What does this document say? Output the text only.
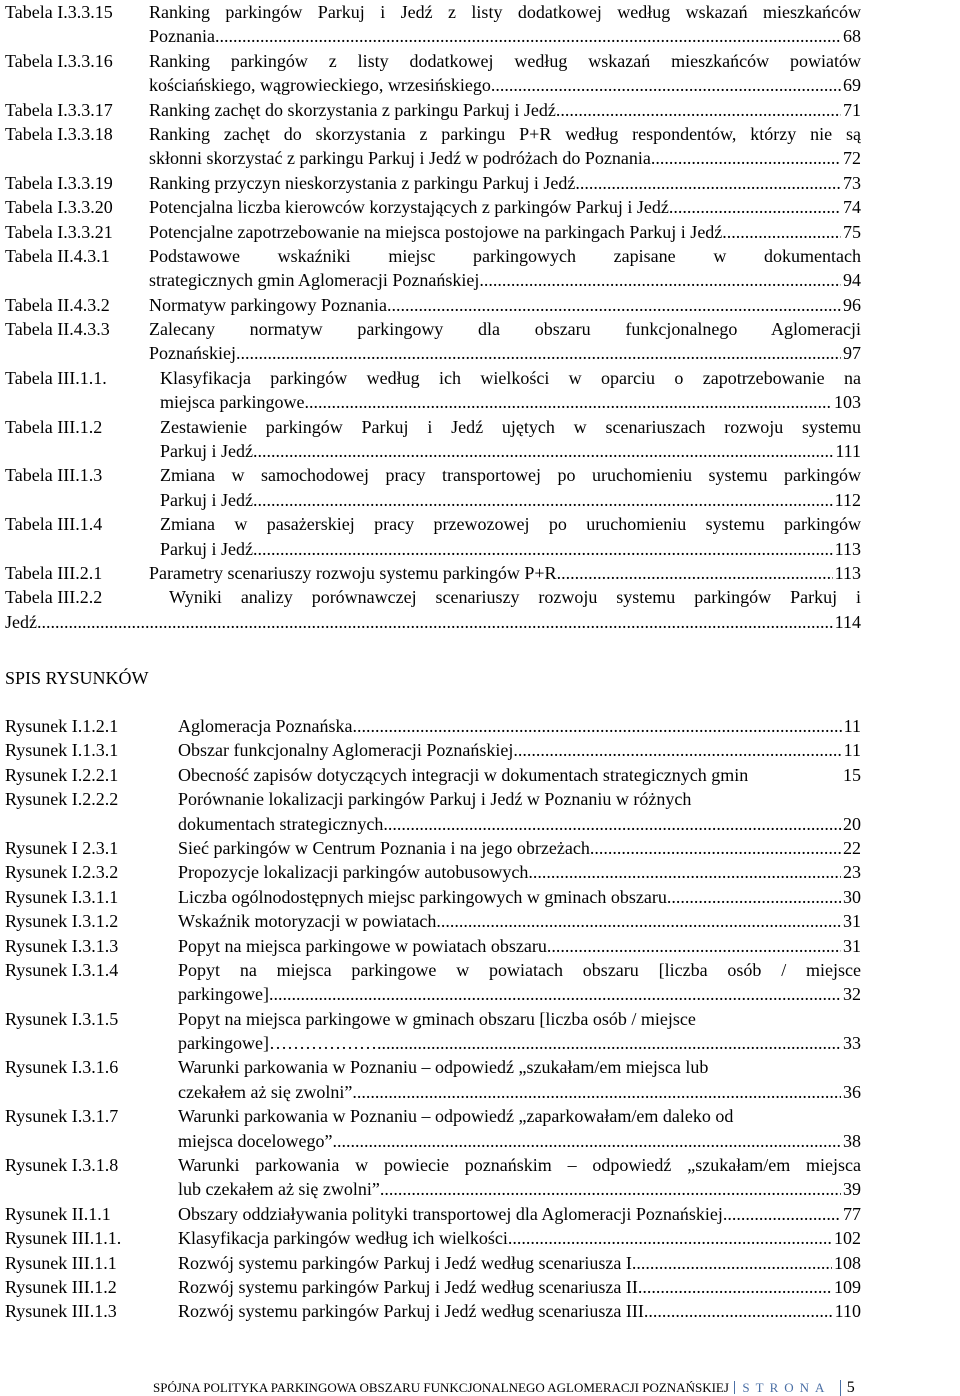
Tabela I.3.3.15 Ranking parkingów Parkuj i Jedź z listy dodatkowej według wskazań mieszkańców
Poznania. .....	68
Tabela I.3.3.16 Ranking parkingów z listy dodatkowej według wskazań mieszkańców powiatów
kościańskiego, wągrowieckiego, wrzesińskiego. .....	69
Tabela I.3.3.17 Ranking zachęt do skorzystania z parkingu Parkuj i Jedź .....	71
Tabela I.3.3.18 Ranking zachęt do skorzystania z parkingu P+R według respondentów, którzy nie są
skłonni skorzystać z parkingu Parkuj i Jedź w podróżach do Poznania. .....	72
Tabela I.3.3.19 Ranking przyczyn nieskorzystania z parkingu Parkuj i Jedź .....	73
Tabela I.3.3.20 Potencjalna liczba kierowców korzystających z parkingów Parkuj i Jedź .....	74
Tabela I.3.3.21 Potencjalne zapotrzebowanie na miejsca postojowe na parkingach Parkuj i Jedź .....	75
Tabela II.4.3.1 Podstawowe wskaźniki miejsc parkingowych zapisane w dokumentach
strategicznych gmin Aglomeracji Poznańskiej .....	94
Tabela II.4.3.2 Normatyw parkingowy Poznania. .....	96
Tabela II.4.3.3 Zalecany normatyw parkingowy dla obszaru funkcjonalnego Aglomeracji
Poznańskiej .....	97
Tabela III.1.1.	Klasyfikacja parkingów według ich wielkości w oparciu o zapotrzebowanie na
miejsca parkingowe .....	103
Tabela III.1.2	Zestawienie parkingów Parkuj i Jedź ujętych w scenariuszach rozwoju systemu
Parkuj i Jedź .....	111
Tabela III.1.3	Zmiana w samochodowej pracy transportowej po uruchomieniu systemu parkingów
Parkuj i Jedź. .....	112
Tabela III.1.4	Zmiana w pasażerskiej pracy przewozowej po uruchomieniu systemu parkingów
Parkuj i Jedź .....	113
Tabela III.2.1	Parametry scenariuszy rozwoju systemu parkingów P+R. .....	113
Tabela III.2.2	Wyniki analizy porównawczej scenariuszy rozwoju systemu parkingów Parkuj i
Jedź. .....	114
SPIS RYSUNKÓW
Rysunek I.1.2.1	Aglomeracja Poznańska .....	11
Rysunek I.1.3.1	Obszar funkcjonalny Aglomeracji Poznańskiej .....	11
Rysunek I.2.2.1	Obecność zapisów dotyczących integracji w dokumentach strategicznych gmin	15
Rysunek I.2.2.2	Porównanie lokalizacji parkingów Parkuj i Jedź w Poznaniu w różnych
dokumentach strategicznych .....	20
Rysunek I 2.3.1	Sieć parkingów w Centrum Poznania i na jego obrzeżach .....	22
Rysunek I.2.3.2	Propozycje lokalizacji parkingów autobusowych .....	23
Rysunek I.3.1.1	Liczba ogólnodostępnych miejsc parkingowych w gminach obszaru .....	30
Rysunek I.3.1.2	Wskaźnik motoryzacji w powiatach .....	31
Rysunek I.3.1.3	Popyt na miejsca parkingowe w powiatach obszaru .....	31
Rysunek I.3.1.4	Popyt na miejsca parkingowe w powiatach obszaru [liczba osób / miejsce
parkingowe] .....	32
Rysunek I.3.1.5	Popyt na miejsca parkingowe w gminach obszaru [liczba osób / miejsce
parkingowe]……………….. .....	33
Rysunek I.3.1.6	Warunki parkowania w Poznaniu – odpowiedź „szukałam/em miejsca lub
czekałem aż się zwolni” .....	36
Rysunek I.3.1.7	Warunki parkowania w Poznaniu – odpowiedź „zaparkowałam/em daleko od
miejsca docelowego” .....	38
Rysunek I.3.1.8	Warunki parkowania w powiecie poznańskim – odpowiedź „szukałam/em miejsca
lub czekałem aż się zwolni” .....	39
Rysunek II.1.1	Obszary oddziaływania polityki transportowej dla Aglomeracji Poznańskiej .....	77
Rysunek III.1.1.	Klasyfikacja parkingów według ich wielkości .....	102
Rysunek III.1.1	Rozwój systemu parkingów Parkuj i Jedź według scenariusza I. .....	108
Rysunek III.1.2	Rozwój systemu parkingów Parkuj i Jedź według scenariusza II. .....	109
Rysunek III.1.3	Rozwój systemu parkingów Parkuj i Jedź według scenariusza III. .....	110
SPÓJNA POLITYKA PARKINGOWA OBSZARU FUNKCJONALNEGO AGLOMERACJI POZNAŃSKIEJ STRONA 5
